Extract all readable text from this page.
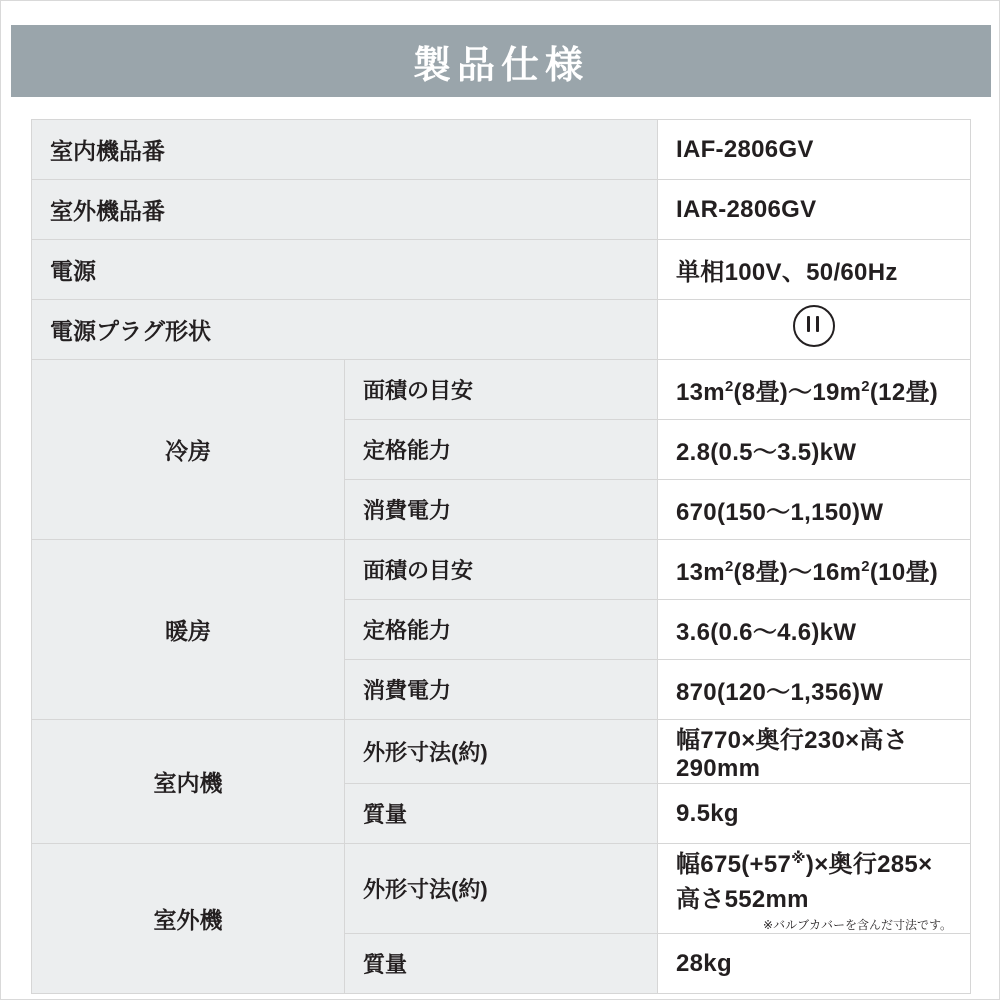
製品仕様
室内機品番		IAF-2806GV
室外機品番		IAR-2806GV
電源		単相100V、50/60Hz
電源プラグ形状		
冷房	面積の目安	$13m^2(8$畳)$\sim 19m^2(12$畳)
	定格能力	2.8(0.5～3.5)kW
	消費電力	670(150～1,150)W
暖房	面積の目安	$13m^2(8$畳)$\sim 16m^2(10$畳)
	定格能力	3.6(0.6～4.6)kW
	消費電力	870(120～1,356)W
室内機	外形寸法(約)	幅770×奥行230×高さ290mm
	質量	9.5kg
室外機	外形寸法(約)	幅675(+57※)×奥行285×高さ552mm
※バルブカバーを含んだ寸法です。

	質量	28kg
